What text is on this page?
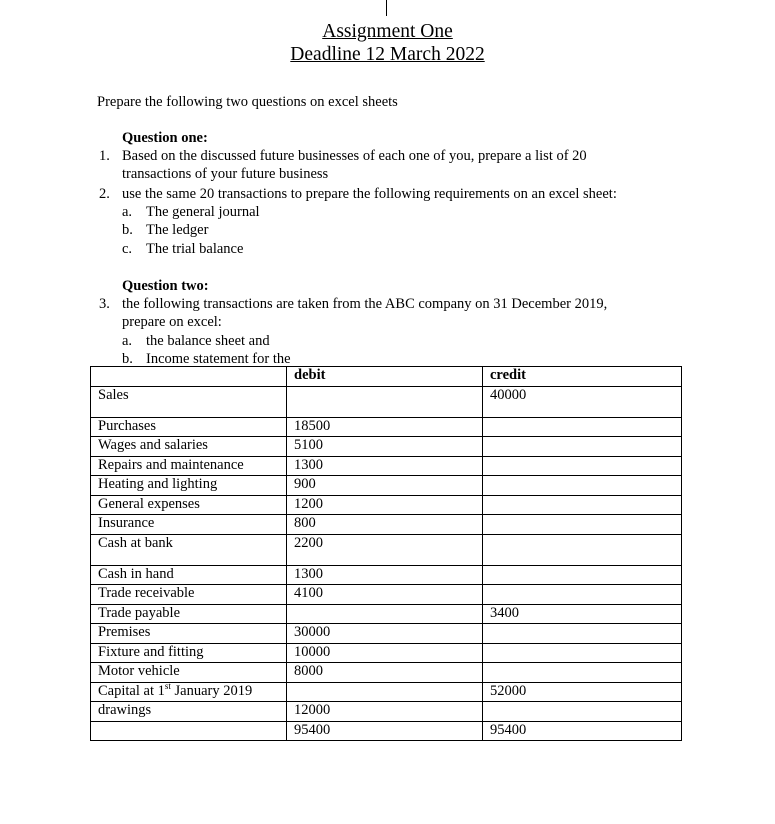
Assignment One
Deadline 12 March 2022
Prepare the following two questions on excel sheets
Question one:
1. Based on the discussed future businesses of each one of you, prepare a list of 20
transactions of your future business
2. use the same 20 transactions to prepare the following requirements on an excel sheet:
a. The general journal
b. The ledger
c. The trial balance
Question two:
3. the following transactions are taken from the ABC company on 31 December 2019,
prepare on excel:
a. the balance sheet and
b. Income statement for the
	debit	credit
Sales		40000
Purchases	18500	
Wages and salaries	5100	
Repairs and maintenance	1300	
Heating and lighting	900	
General expenses	1200	
Insurance	800	
Cash at bank	2200	
Cash in hand	1300	
Trade receivable	4100	
Trade payable		3400
Premises	30000	
Fixture and fitting	10000	
Motor vehicle	8000	
Capital at 1st January 2019		52000
drawings	12000	
	95400	95400
